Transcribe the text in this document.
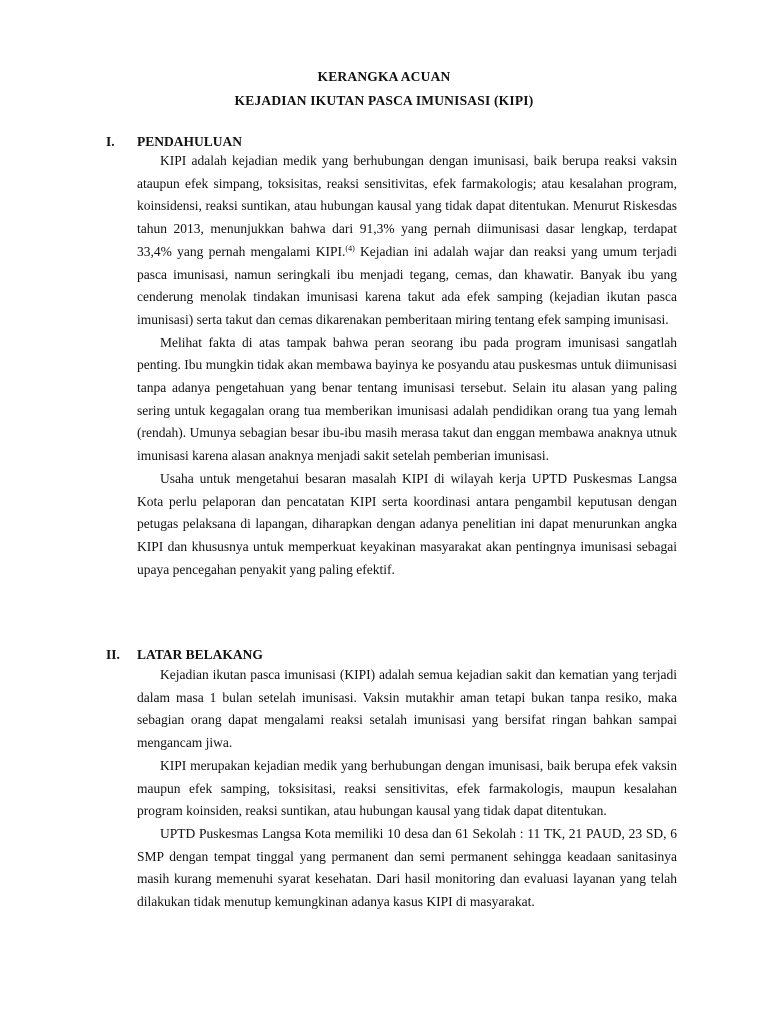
KERANGKA ACUAN
KEJADIAN IKUTAN PASCA IMUNISASI (KIPI)
I. PENDAHULUAN

KIPI adalah kejadian medik yang berhubungan dengan imunisasi, baik berupa reaksi vaksin ataupun efek simpang, toksisitas, reaksi sensitivitas, efek farmakologis; atau kesalahan program, koinsidensi, reaksi suntikan, atau hubungan kausal yang tidak dapat ditentukan. Menurut Riskesdas tahun 2013, menunjukkan bahwa dari 91,3% yang pernah diimunisasi dasar lengkap, terdapat 33,4% yang pernah mengalami KIPI.$^{(4)}$ Kejadian ini adalah wajar dan reaksi yang umum terjadi pasca imunisasi, namun seringkali ibu menjadi tegang, cemas, dan khawatir. Banyak ibu yang cenderung menolak tindakan imunisasi karena takut ada efek samping (kejadian ikutan pasca imunisasi) serta takut dan cemas dikarenakan pemberitaan miring tentang efek samping imunisasi.

Melihat fakta di atas tampak bahwa peran seorang ibu pada program imunisasi sangatlah penting. Ibu mungkin tidak akan membawa bayinya ke posyandu atau puskesmas untuk diimunisasi tanpa adanya pengetahuan yang benar tentang imunisasi tersebut. Selain itu alasan yang paling sering untuk kegagalan orang tua memberikan imunisasi adalah pendidikan orang tua yang lemah (rendah). Umunya sebagian besar ibu-ibu masih merasa takut dan enggan membawa anaknya utnuk imunisasi karena alasan anaknya menjadi sakit setelah pemberian imunisasi.

Usaha untuk mengetahui besaran masalah KIPI di wilayah kerja UPTD Puskesmas Langsa Kota perlu pelaporan dan pencatatan KIPI serta koordinasi antara pengambil keputusan dengan petugas pelaksana di lapangan, diharapkan dengan adanya penelitian ini dapat menurunkan angka KIPI dan khususnya untuk memperkuat keyakinan masyarakat akan pentingnya imunisasi sebagai upaya pencegahan penyakit yang paling efektif.

II. LATAR BELAKANG

Kejadian ikutan pasca imunisasi (KIPI) adalah semua kejadian sakit dan kematian yang terjadi dalam masa 1 bulan setelah imunisasi. Vaksin mutakhir aman tetapi bukan tanpa resiko, maka sebagian orang dapat mengalami reaksi setalah imunisasi yang bersifat ringan bahkan sampai mengancam jiwa.

KIPI merupakan kejadian medik yang berhubungan dengan imunisasi, baik berupa efek vaksin maupun efek samping, toksisitasi, reaksi sensitivitas, efek farmakologis, maupun kesalahan program koinsiden, reaksi suntikan, atau hubungan kausal yang tidak dapat ditentukan.

UPTD Puskesmas Langsa Kota memiliki 10 desa dan 61 Sekolah : 11 TK, 21 PAUD, 23 SD, 6 SMP dengan tempat tinggal yang permanent dan semi permanent sehingga keadaan sanitasinya masih kurang memenuhi syarat kesehatan. Dari hasil monitoring dan evaluasi layanan yang telah dilakukan tidak menutup kemungkinan adanya kasus KIPI di masyarakat.
